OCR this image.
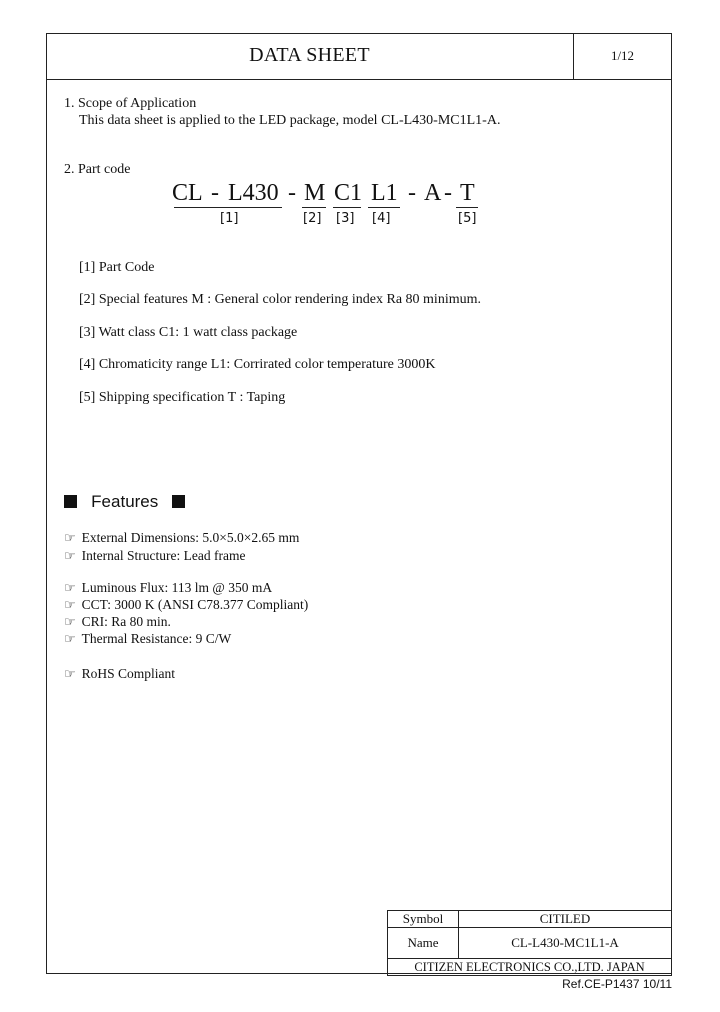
DATA SHEET	1/12
1. Scope of Application
This data sheet is applied to the LED package, model CL-L430-MC1L1-A.
2. Part code
CL - L430 - M C1 L1 - A - T
[1]	[2] [3] [4]	[5]
[1] Part Code
[2] Special features M : General color rendering index Ra 80 minimum.
[3] Watt class C1: 1 watt class package
[4] Chromaticity range L1: Corrirated color temperature 3000K
[5] Shipping specification T : Taping
Features
☞ External Dimensions: 5.0×5.0×2.65 mm
☞ Internal Structure: Lead frame
☞ Luminous Flux: 113 lm @ 350 mA
☞ CCT: 3000 K (ANSI C78.377 Compliant)
☞ CRI: Ra 80 min.
☞ Thermal Resistance: 9 C/W
☞ RoHS Compliant
Symbol	CITILED
Name	CL-L430-MC1L1-A
CITIZEN ELECTRONICS CO.,LTD. JAPAN	
Ref.CE-P1437 10/11
